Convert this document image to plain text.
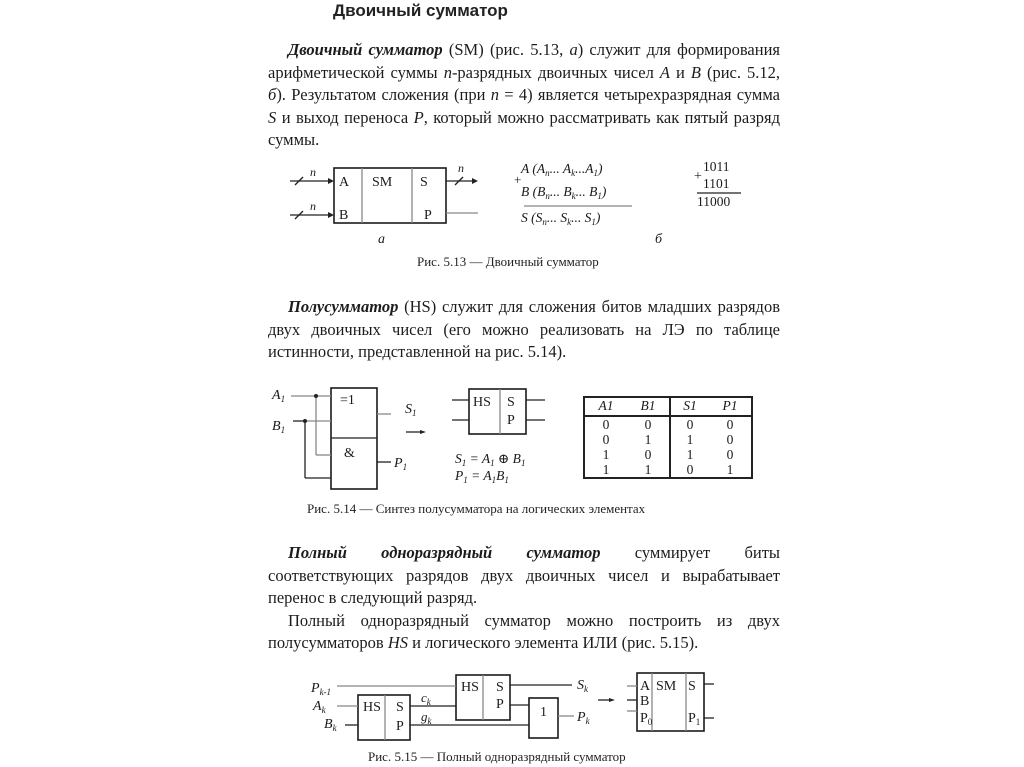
Двоичный сумматор

Двоичный сумматор (SM) (рис. 5.13, а) служит для формирования арифметической суммы n-разрядных двоичных чисел A и B (рис. 5.12, б). Результатом сложения (при n = 4) является четырехразрядная сумма S и выход переноса P, который можно рассматривать как пятый разряд суммы.

n
n
n
A SM S
B	P
а
+
A ($A_n$... $A_k...A_1$)
B ($B_n$... $B_k$... $B_1$)
S ($S_n$... $S_k$... $S_1$)
б
+
1011
1101
11000
Рис. 5.13 — Двоичный сумматор

Полусумматор (HS) служит для сложения битов младших разрядов двух двоичных чисел (его можно реализовать на ЛЭ по таблице истинности, представленной на рис. 5.14).

=1
&
$A_1$
$B_1$
$S_1$
$P_1$
HS S
P
$S_1 = A_1$ ⊕ $B_1$
$P_1 = A_1B_1$
A1	B1	S1	P1
0	0	0	0
0	1	1	0
1	0	1	0
1	1	0	1
Рис. 5.14 — Синтез полусумматора на логических элементах

Полный одноразрядный сумматор суммирует биты соответствующих разрядов двух двоичных чисел и вырабатывает перенос в следующий разряд.

Полный одноразрядный сумматор можно построить из двух полусумматоров HS и логического элемента ИЛИ (рис. 5.15).

HS S
P
HS S
P
1
$P_{k-1}$
$A_k$
$B_k$
$c_k$
$g_k$
$S_k$
$P_k$
A
B
$P_0$
SM S
$P_1$
Рис. 5.15 — Полный одноразрядный сумматор
